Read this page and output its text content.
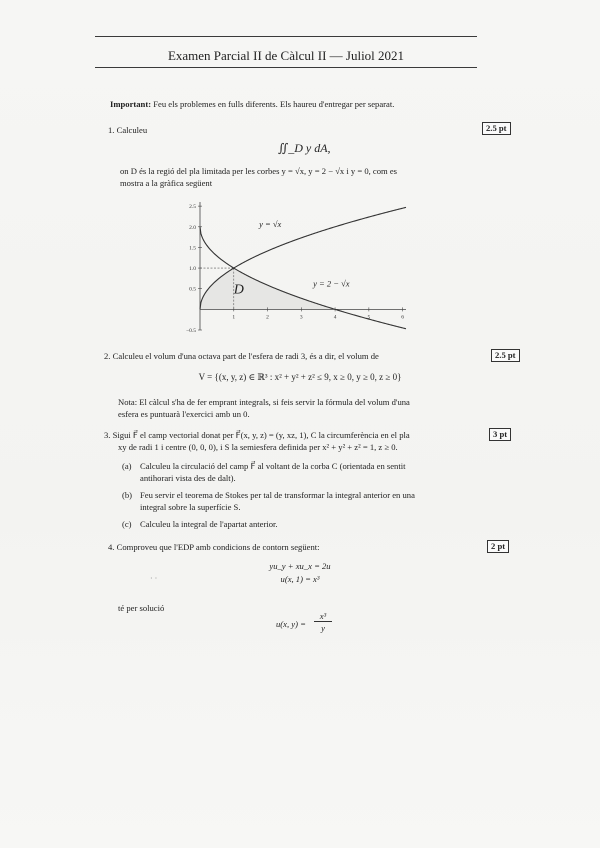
Examen Parcial II de Càlcul II — Juliol 2021
Important: Feu els problemes en fulls diferents. Els haureu d'entregar per separat.
1. Calculeu	2.5 pt
∬_D y dA,
on D és la regió del pla limitada per les corbes y = √x, y = 2 − √x i y = 0, com es
mostra a la gràfica següent
1	2	3	4	5	6
−0.5
0.5
1.0
1.5
2.0
2.5
y = √x
y = 2 − √x
D
2. Calculeu el volum d'una octava part de l'esfera de radi 3, és a dir, el volum de	2.5 pt
V = {(x, y, z) ∈ ℝ³ : x² + y² + z² ≤ 9, x ≥ 0, y ≥ 0, z ≥ 0}
Nota: El càlcul s'ha de fer emprant integrals, si feis servir la fórmula del volum d'una
esfera es puntuarà l'exercici amb un 0.
3. Sigui F⃗ el camp vectorial donat per F⃗(x, y, z) = (y, xz, 1), C la circumferència en el pla	3 pt
xy de radi 1 i centre (0, 0, 0), i S la semiesfera definida per x² + y² + z² = 1, z ≥ 0.
(a) Calculeu la circulació del camp F⃗ al voltant de la corba C (orientada en sentit
antihorari vista des de dalt).
(b) Feu servir el teorema de Stokes per tal de transformar la integral anterior en una
integral sobre la superfície S.
(c) Calculeu la integral de l'apartat anterior.
4. Comproveu que l'EDP amb condicions de contorn següent:	2 pt
yu_y + xu_x = 2u
u(x, 1) = x³
· ·
té per solució
u(x, y) =
x³
y
